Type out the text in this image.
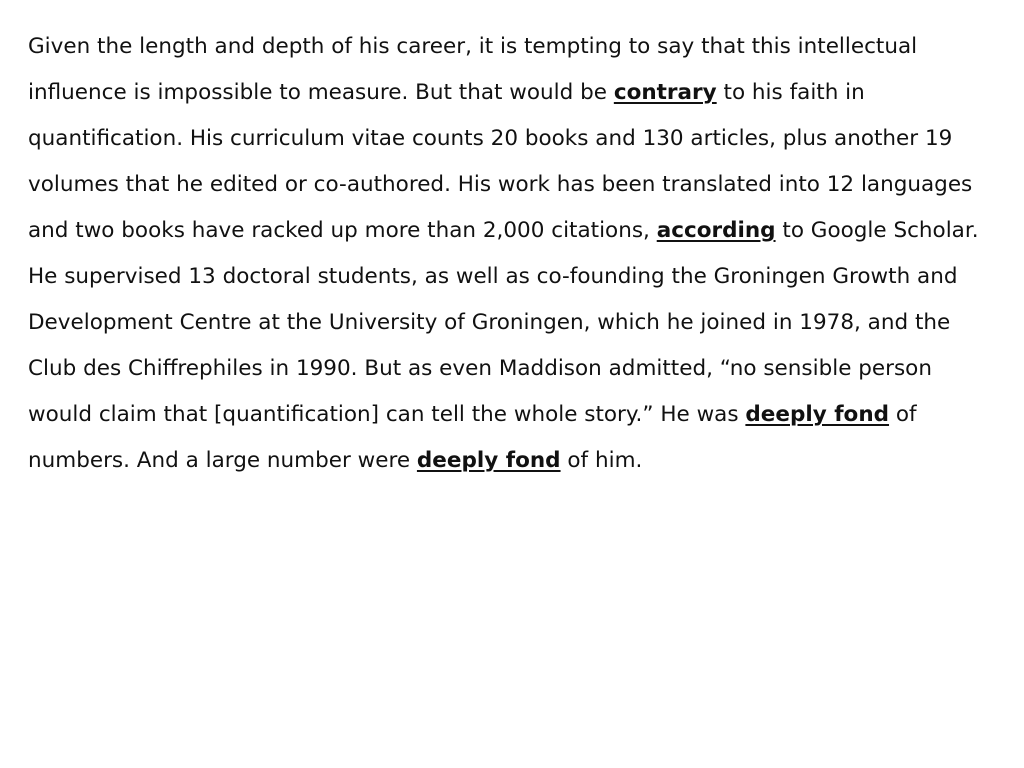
Given the length and depth of his career, it is tempting to say that this intellectual influence is impossible to measure. But that would be contrary to his faith in quantification. His curriculum vitae counts 20 books and 130 articles, plus another 19 volumes that he edited or co-authored. His work has been translated into 12 languages and two books have racked up more than 2,000 citations, according to Google Scholar. He supervised 13 doctoral students, as well as co-founding the Groningen Growth and Development Centre at the University of Groningen, which he joined in 1978, and the Club des Chiffrephiles in 1990. But as even Maddison admitted, “no sensible person would claim that [quantification] can tell the whole story.” He was deeply fond of numbers. And a large number were deeply fond of him.
